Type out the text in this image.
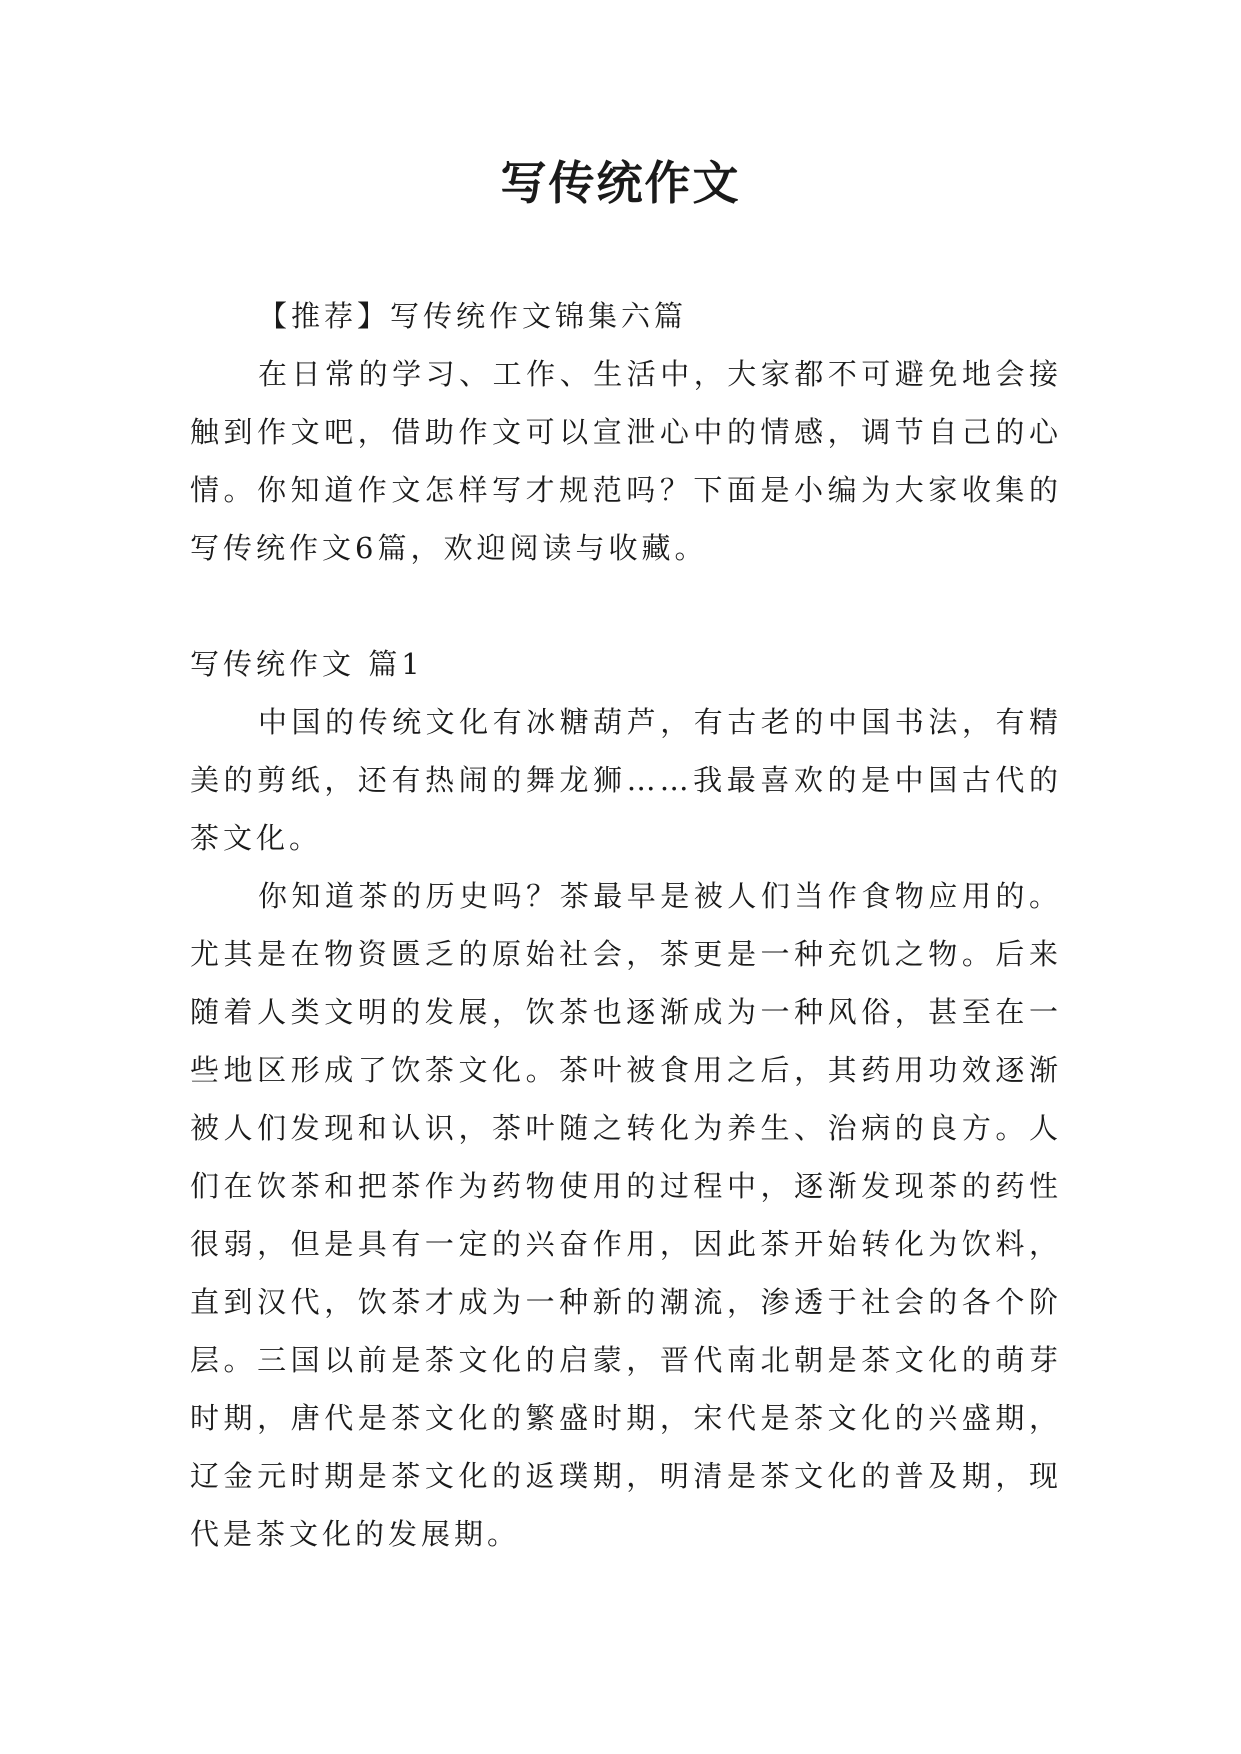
写传统作文

【推荐】写传统作文锦集六篇

在日常的学习、工作、生活中，大家都不可避免地会接触到作文吧，借助作文可以宣泄心中的情感，调节自己的心情。你知道作文怎样写才规范吗？下面是小编为大家收集的写传统作文6篇，欢迎阅读与收藏。

写传统作文 篇1

中国的传统文化有冰糖葫芦，有古老的中国书法，有精美的剪纸，还有热闹的舞龙狮……我最喜欢的是中国古代的茶文化。

你知道茶的历史吗？茶最早是被人们当作食物应用的。尤其是在物资匮乏的原始社会，茶更是一种充饥之物。后来随着人类文明的发展，饮茶也逐渐成为一种风俗，甚至在一些地区形成了饮茶文化。茶叶被食用之后，其药用功效逐渐被人们发现和认识，茶叶随之转化为养生、治病的良方。人们在饮茶和把茶作为药物使用的过程中，逐渐发现茶的药性很弱，但是具有一定的兴奋作用，因此茶开始转化为饮料，直到汉代，饮茶才成为一种新的潮流，渗透于社会的各个阶层。三国以前是茶文化的启蒙，晋代南北朝是茶文化的萌芽时期，唐代是茶文化的繁盛时期，宋代是茶文化的兴盛期，辽金元时期是茶文化的返璞期，明清是茶文化的普及期，现代是茶文化的发展期。
